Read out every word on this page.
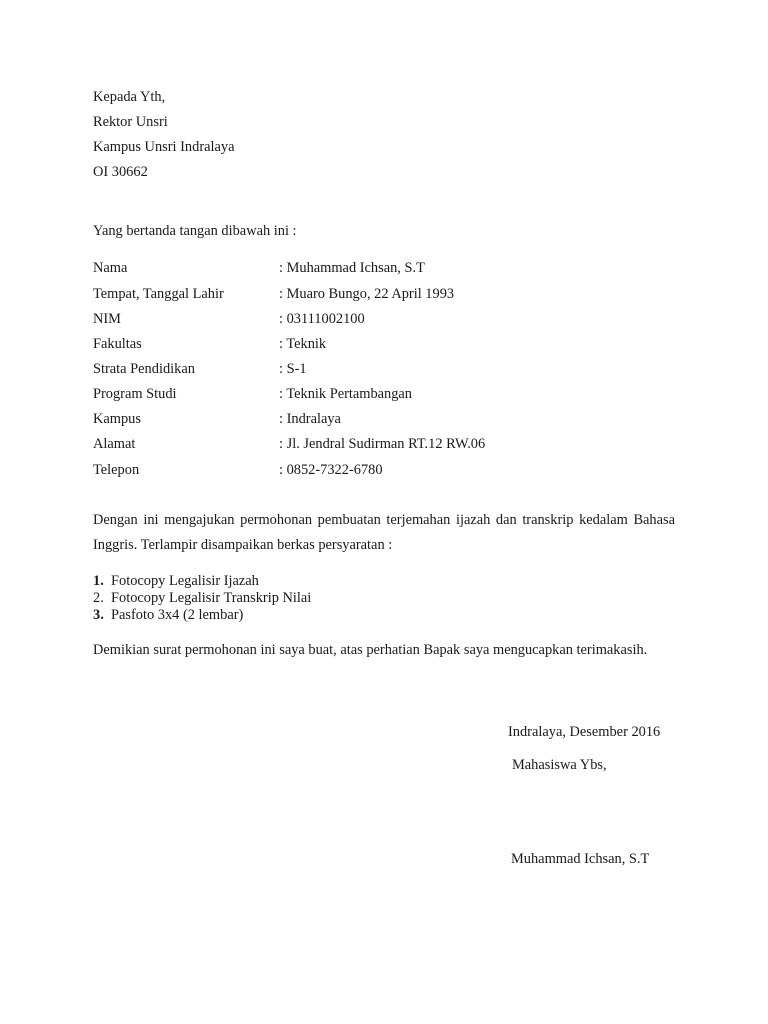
Kepada Yth,
Rektor Unsri
Kampus Unsri Indralaya
OI 30662
Yang bertanda tangan dibawah ini :
Nama	: Muhammad Ichsan, S.T
Tempat, Tanggal Lahir	: Muaro Bungo, 22 April 1993
NIM	: 03111002100
Fakultas	: Teknik
Strata Pendidikan	: S-1
Program Studi	: Teknik Pertambangan
Kampus	: Indralaya
Alamat	: Jl. Jendral Sudirman RT.12 RW.06
Telepon	: 0852-7322-6780
Dengan ini mengajukan permohonan pembuatan terjemahan ijazah dan transkrip kedalam Bahasa Inggris. Terlampir disampaikan berkas persyaratan :
1. Fotocopy Legalisir Ijazah
2. Fotocopy Legalisir Transkrip Nilai
3. Pasfoto 3x4 (2 lembar)
Demikian surat permohonan ini saya buat, atas perhatian Bapak saya mengucapkan terimakasih.
Indralaya, Desember 2016
Mahasiswa Ybs,
Muhammad Ichsan, S.T
